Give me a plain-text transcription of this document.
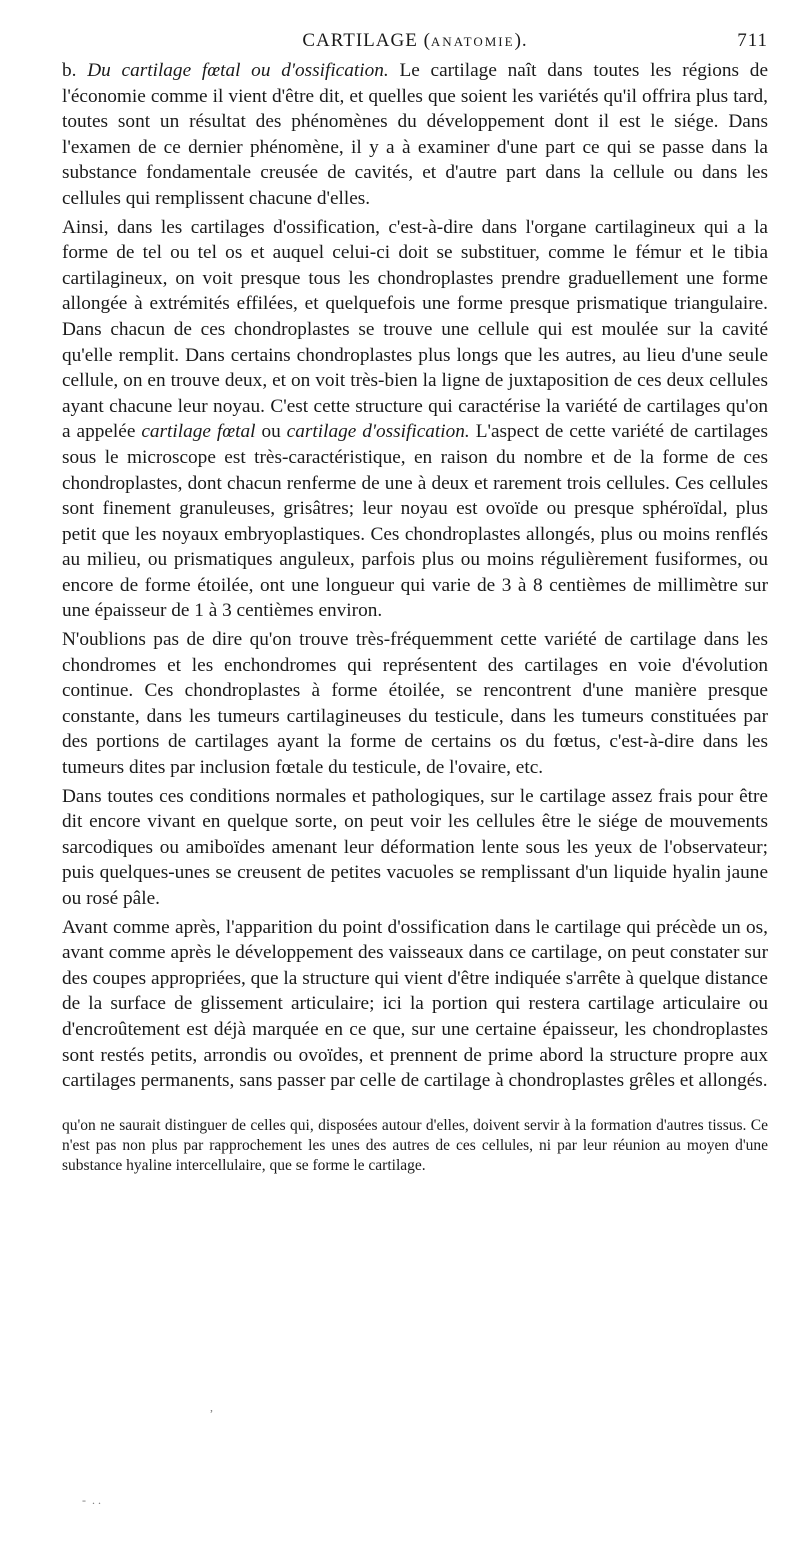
CARTILAGE (ANATOMIE).	711

b. Du cartilage fœtal ou d'ossification. Le cartilage naît dans toutes les régions de l'économie comme il vient d'être dit, et quelles que soient les variétés qu'il offrira plus tard, toutes sont un résultat des phénomènes du développement dont il est le siége. Dans l'examen de ce dernier phénomène, il y a à examiner d'une part ce qui se passe dans la substance fondamentale creusée de cavités, et d'autre part dans la cellule ou dans les cellules qui remplissent chacune d'elles.

Ainsi, dans les cartilages d'ossification, c'est-à-dire dans l'organe cartilagineux qui a la forme de tel ou tel os et auquel celui-ci doit se substituer, comme le fémur et le tibia cartilagineux, on voit presque tous les chondroplastes prendre graduellement une forme allongée à extrémités effilées, et quelquefois une forme presque prismatique triangulaire. Dans chacun de ces chondroplastes se trouve une cellule qui est moulée sur la cavité qu'elle remplit. Dans certains chondroplastes plus longs que les autres, au lieu d'une seule cellule, on en trouve deux, et on voit très-bien la ligne de juxtaposition de ces deux cellules ayant chacune leur noyau. C'est cette structure qui caractérise la variété de cartilages qu'on a appelée cartilage fœtal ou cartilage d'ossification. L'aspect de cette variété de cartilages sous le microscope est très-caractéristique, en raison du nombre et de la forme de ces chondroplastes, dont chacun renferme de une à deux et rarement trois cellules. Ces cellules sont finement granuleuses, grisâtres; leur noyau est ovoïde ou presque sphéroïdal, plus petit que les noyaux embryoplastiques. Ces chondroplastes allongés, plus ou moins renflés au milieu, ou prismatiques anguleux, parfois plus ou moins régulièrement fusiformes, ou encore de forme étoilée, ont une longueur qui varie de 3 à 8 centièmes de millimètre sur une épaisseur de 1 à 3 centièmes environ.

N'oublions pas de dire qu'on trouve très-fréquemment cette variété de cartilage dans les chondromes et les enchondromes qui représentent des cartilages en voie d'évolution continue. Ces chondroplastes à forme étoilée, se rencontrent d'une manière presque constante, dans les tumeurs cartilagineuses du testicule, dans les tumeurs constituées par des portions de cartilages ayant la forme de certains os du fœtus, c'est-à-dire dans les tumeurs dites par inclusion fœtale du testicule, de l'ovaire, etc.

Dans toutes ces conditions normales et pathologiques, sur le cartilage assez frais pour être dit encore vivant en quelque sorte, on peut voir les cellules être le siége de mouvements sarcodiques ou amiboïdes amenant leur déformation lente sous les yeux de l'observateur; puis quelques-unes se creusent de petites vacuoles se remplissant d'un liquide hyalin jaune ou rosé pâle.

Avant comme après, l'apparition du point d'ossification dans le cartilage qui précède un os, avant comme après le développement des vaisseaux dans ce cartilage, on peut constater sur des coupes appropriées, que la structure qui vient d'être indiquée s'arrête à quelque distance de la surface de glissement articulaire; ici la portion qui restera cartilage articulaire ou d'encroûtement est déjà marquée en ce que, sur une certaine épaisseur, les chondroplastes sont restés petits, arrondis ou ovoïdes, et prennent de prime abord la structure propre aux cartilages permanents, sans passer par celle de cartilage à chondroplastes grêles et allongés.

qu'on ne saurait distinguer de celles qui, disposées autour d'elles, doivent servir à la formation d'autres tissus. Ce n'est pas non plus par rapprochement les unes des autres de ces cellules, ni par leur réunion au moyen d'une substance hyaline intercellulaire, que se forme le cartilage.

,
-  . .
